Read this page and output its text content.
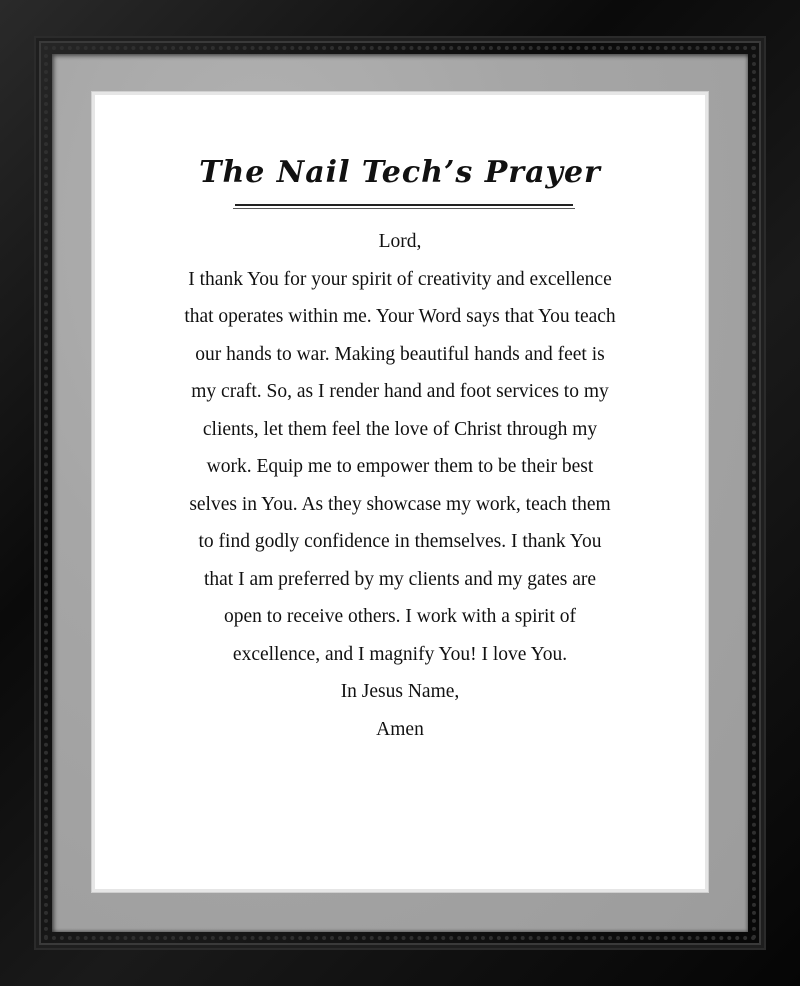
The Nail Tech’s Prayer
Lord,
I thank You for your spirit of creativity and excellence
that operates within me. Your Word says that You teach
our hands to war. Making beautiful hands and feet is
my craft. So, as I render hand and foot services to my
clients, let them feel the love of Christ through my
work. Equip me to empower them to be their best
selves in You. As they showcase my work, teach them
to find godly confidence in themselves. I thank You
that I am preferred by my clients and my gates are
open to receive others. I work with a spirit of
excellence, and I magnify You! I love You.
In Jesus Name,
Amen
